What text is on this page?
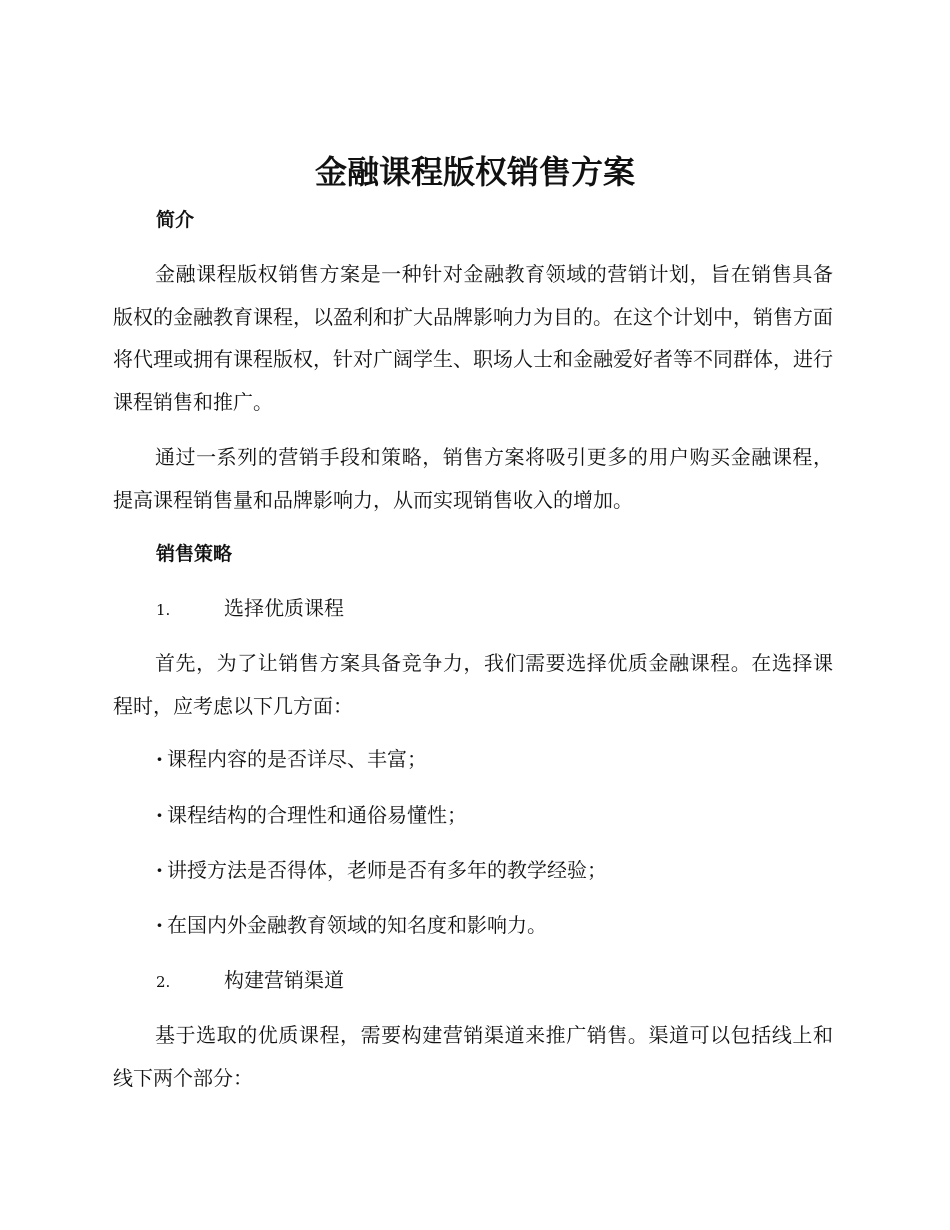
金融课程版权销售方案
简介
金融课程版权销售方案是一种针对金融教育领域的营销计划，旨在销售具备版权的金融教育课程，以盈利和扩大品牌影响力为目的。在这个计划中，销售方面将代理或拥有课程版权，针对广阔学生、职场人士和金融爱好者等不同群体，进行课程销售和推广。
通过一系列的营销手段和策略，销售方案将吸引更多的用户购买金融课程，提高课程销售量和品牌影响力，从而实现销售收入的增加。
销售策略
1.	选择优质课程
首先，为了让销售方案具备竞争力，我们需要选择优质金融课程。在选择课程时，应考虑以下几方面：
· 课程内容的是否详尽、丰富；
· 课程结构的合理性和通俗易懂性；
· 讲授方法是否得体，老师是否有多年的教学经验；
· 在国内外金融教育领域的知名度和影响力。
2.	构建营销渠道
基于选取的优质课程，需要构建营销渠道来推广销售。渠道可以包括线上和线下两个部分：
